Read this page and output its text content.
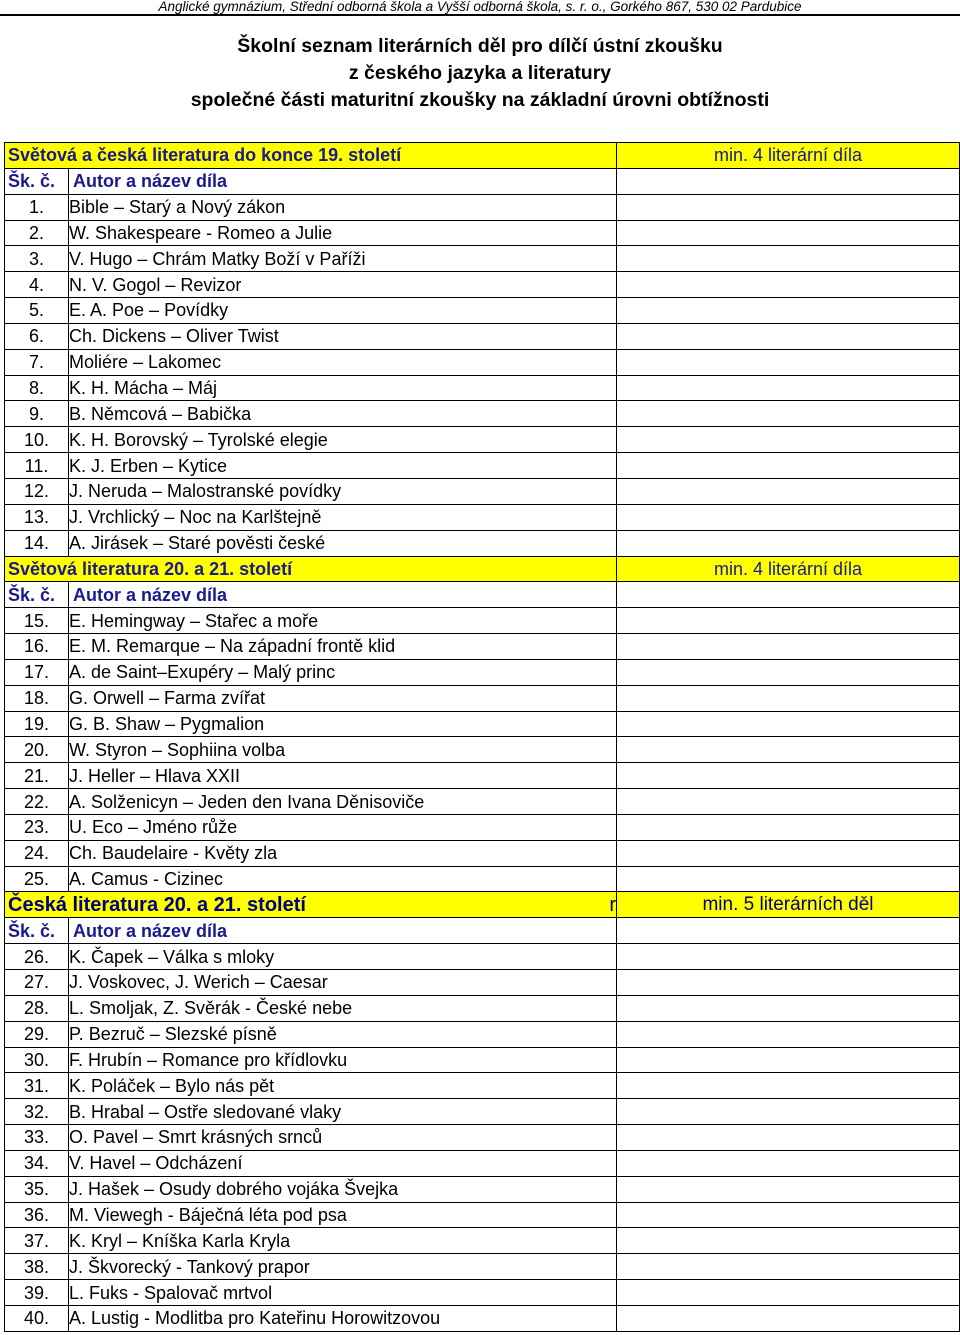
Anglické gymnázium, Střední odborná škola a Vyšší odborná škola, s. r. o., Gorkého 867, 530 02 Pardubice
Školní seznam literárních děl pro dílčí ústní zkoušku
z českého jazyka a literatury
společné části maturitní zkoušky na základní úrovni obtížnosti
Světová a česká literatura do konce 19. století		min. 4 literární díla
Šk. č.	Autor a název díla	
1.	Bible – Starý a Nový zákon	
2.	W. Shakespeare - Romeo a Julie	
3.	V. Hugo – Chrám Matky Boží v Paříži	
4.	N. V. Gogol – Revizor	
5.	E. A. Poe – Povídky	
6.	Ch. Dickens – Oliver Twist	
7.	Moliére – Lakomec	
8.	K. H. Mácha – Máj	
9.	B. Němcová – Babička	
10.	K. H. Borovský – Tyrolské elegie	
11.	K. J. Erben – Kytice	
12.	J. Neruda – Malostranské povídky	
13.	J. Vrchlický – Noc na Karlštejně	
14.	A. Jirásek – Staré pověsti české	
Světová literatura 20. a 21. století		min. 4 literární díla
Šk. č.	Autor a název díla	
15.	E. Hemingway – Stařec a moře	
16.	E. M. Remarque – Na západní frontě klid	
17.	A. de Saint–Exupéry – Malý princ	
18.	G. Orwell – Farma zvířat	
19.	G. B. Shaw – Pygmalion	
20.	W. Styron – Sophiina volba	
21.	J. Heller – Hlava XXII	
22.	A. Solženicyn – Jeden den Ivana Děnisoviče	
23.	U. Eco – Jméno růže	
24.	Ch. Baudelaire - Květy zla	
25.	A. Camus - Cizinec	
Česká literatura 20. a 21. století r		min. 5 literárních děl
Šk. č.	Autor a název díla	
26.	K. Čapek – Válka s mloky	
27.	J. Voskovec, J. Werich – Caesar	
28.	L. Smoljak, Z. Svěrák - České nebe	
29.	P. Bezruč – Slezské písně	
30.	F. Hrubín – Romance pro křídlovku	
31.	K. Poláček – Bylo nás pět	
32.	B. Hrabal – Ostře sledované vlaky	
33.	O. Pavel – Smrt krásných srnců	
34.	V. Havel – Odcházení	
35.	J. Hašek – Osudy dobrého vojáka Švejka	
36.	M. Viewegh - Báječná léta pod psa	
37.	K. Kryl – Kníška Karla Kryla	
38.	J. Škvorecký - Tankový prapor	
39.	L. Fuks - Spalovač mrtvol	
40.	A. Lustig - Modlitba pro Kateřinu Horowitzovou	
